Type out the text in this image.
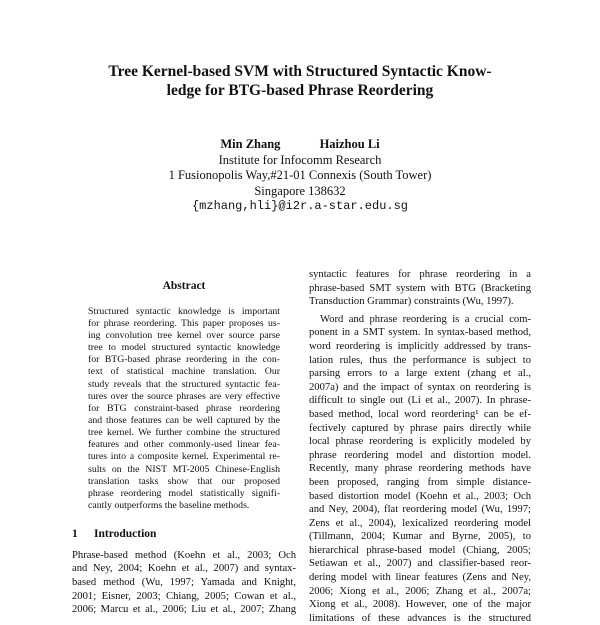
Tree Kernel-based SVM with Structured Syntactic Know-
ledge for BTG-based Phrase Reordering
Min Zhang	Haizhou Li
Institute for Infocomm Research
1 Fusionopolis Way,#21-01 Connexis (South Tower)
Singapore 138632
{mzhang,hli}@i2r.a-star.edu.sg
Abstract
Structured syntactic knowledge is important
for phrase reordering. This paper proposes us-
ing convolution tree kernel over source parse
tree to model structured syntactic knowledge
for BTG-based phrase reordering in the con-
text of statistical machine translation. Our
study reveals that the structured syntactic fea-
tures over the source phrases are very effective
for BTG constraint-based phrase reordering
and those features can be well captured by the
tree kernel. We further combine the structured
features and other commonly-used linear fea-
tures into a composite kernel. Experimental re-
sults on the NIST MT-2005 Chinese-English
translation tasks show that our proposed
phrase reordering model statistically signifi-
cantly outperforms the baseline methods.
1 Introduction
Phrase-based method (Koehn et al., 2003; Och
and Ney, 2004; Koehn et al., 2007) and syntax-
based method (Wu, 1997; Yamada and Knight,
2001; Eisner, 2003; Chiang, 2005; Cowan et al.,
2006; Marcu et al., 2006; Liu et al., 2007; Zhang
syntactic features for phrase reordering in a
phrase-based SMT system with BTG (Bracketing
Transduction Grammar) constraints (Wu, 1997).
Word and phrase reordering is a crucial com-
ponent in a SMT system. In syntax-based method,
word reordering is implicitly addressed by trans-
lation rules, thus the performance is subject to
parsing errors to a large extent (zhang et al.,
2007a) and the impact of syntax on reordering is
difficult to single out (Li et al., 2007). In phrase-
based method, local word reordering¹ can be ef-
fectively captured by phrase pairs directly while
local phrase reordering is explicitly modeled by
phrase reordering model and distortion model.
Recently, many phrase reordering methods have
been proposed, ranging from simple distance-
based distortion model (Koehn et al., 2003; Och
and Ney, 2004), flat reordering model (Wu, 1997;
Zens et al., 2004), lexicalized reordering model
(Tillmann, 2004; Kumar and Byrne, 2005), to
hierarchical phrase-based model (Chiang, 2005;
Setiawan et al., 2007) and classifier-based reor-
dering model with linear features (Zens and Ney,
2006; Xiong et al., 2006; Zhang et al., 2007a;
Xiong et al., 2008). However, one of the major
limitations of these advances is the structured
